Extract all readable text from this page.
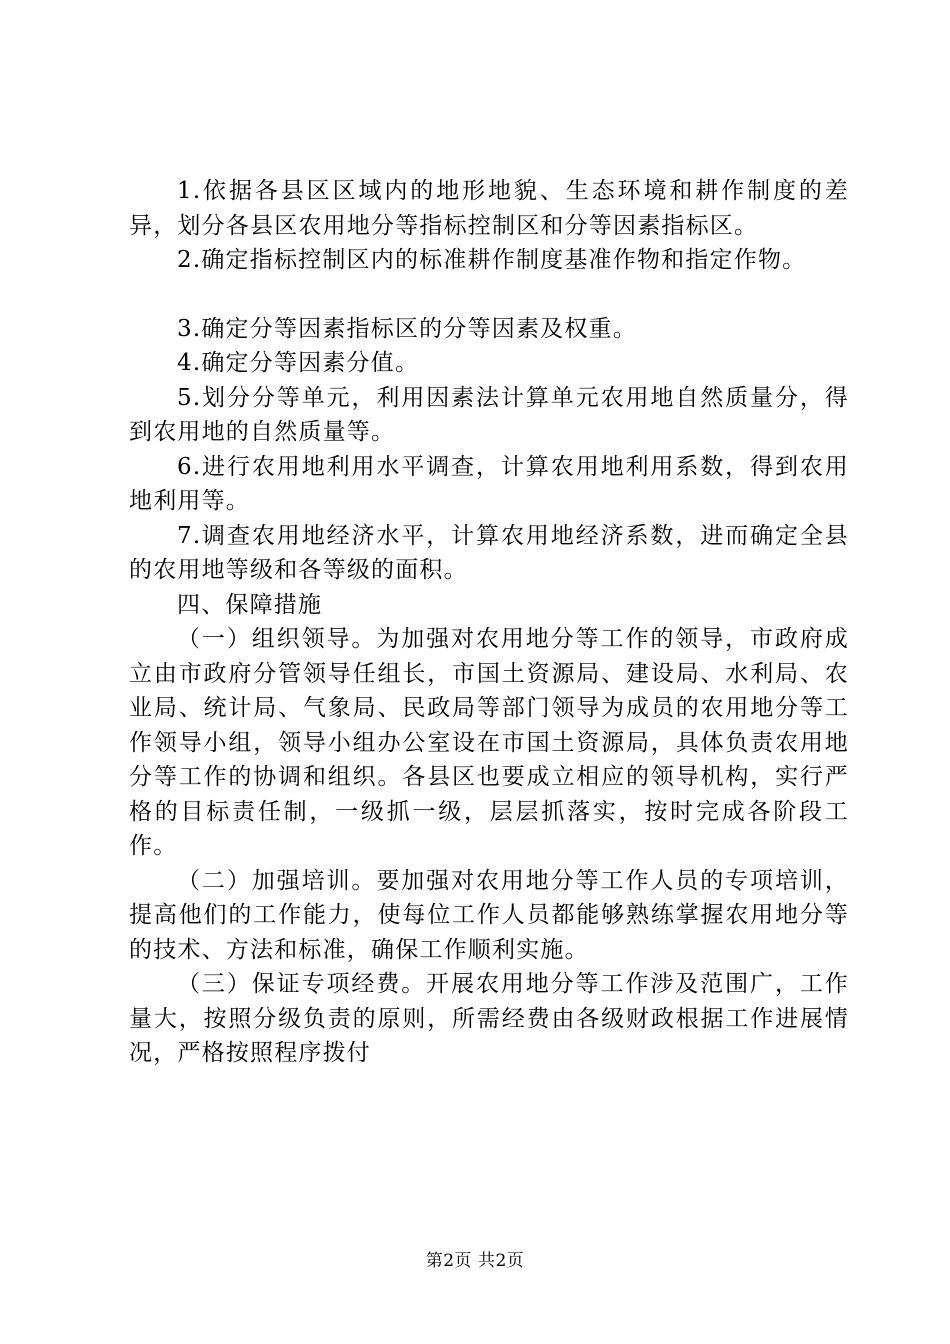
1.依据各县区区域内的地形地貌、生态环境和耕作制度的差异，划分各县区农用地分等指标控制区和分等因素指标区。

2.确定指标控制区内的标准耕作制度基准作物和指定作物。

3.确定分等因素指标区的分等因素及权重。

4.确定分等因素分值。

5.划分分等单元，利用因素法计算单元农用地自然质量分，得到农用地的自然质量等。

6.进行农用地利用水平调查，计算农用地利用系数，得到农用地利用等。

7.调查农用地经济水平，计算农用地经济系数，进而确定全县的农用地等级和各等级的面积。

四、保障措施

（一）组织领导。为加强对农用地分等工作的领导，市政府成立由市政府分管领导任组长，市国土资源局、建设局、水利局、农业局、统计局、气象局、民政局等部门领导为成员的农用地分等工作领导小组，领导小组办公室设在市国土资源局，具体负责农用地分等工作的协调和组织。各县区也要成立相应的领导机构，实行严格的目标责任制，一级抓一级，层层抓落实，按时完成各阶段工作。

（二）加强培训。要加强对农用地分等工作人员的专项培训，提高他们的工作能力，使每位工作人员都能够熟练掌握农用地分等的技术、方法和标准，确保工作顺利实施。

（三）保证专项经费。开展农用地分等工作涉及范围广，工作量大，按照分级负责的原则，所需经费由各级财政根据工作进展情况，严格按照程序拨付

第2页 共2页
